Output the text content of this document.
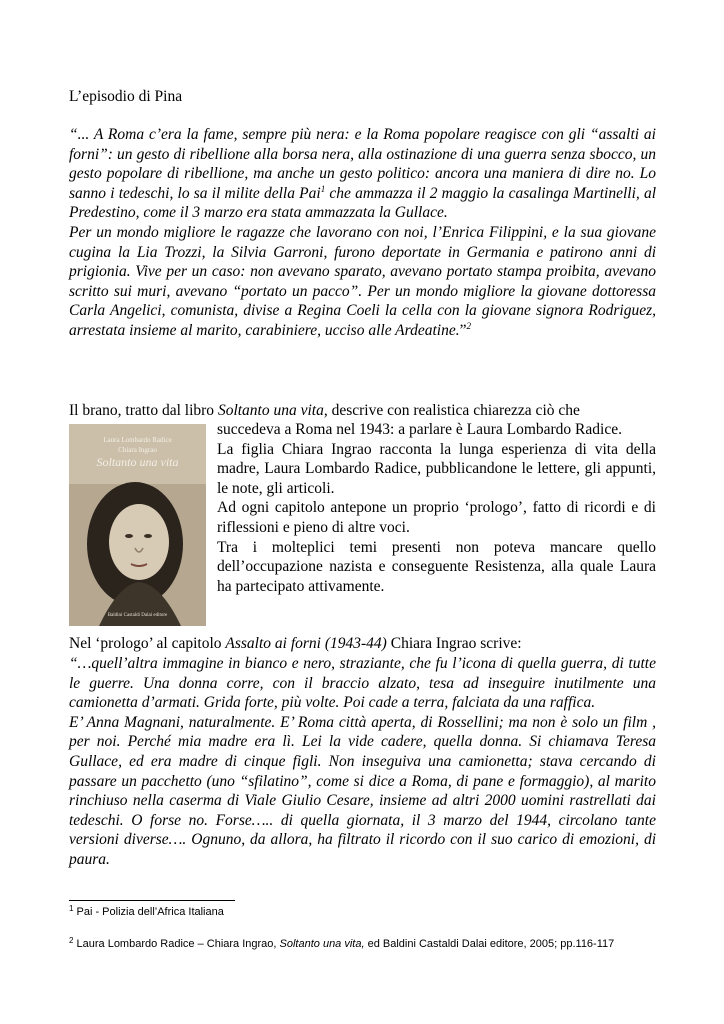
L’episodio di Pina

“... A Roma c’era la fame, sempre più nera: e la Roma popolare reagisce con gli “assalti ai forni”: un gesto di ribellione alla borsa nera, alla ostinazione di una guerra senza sbocco, un gesto popolare di ribellione, ma anche un gesto politico: ancora una maniera di dire no. Lo sanno i tedeschi, lo sa il milite della Pai$^1$ che ammazza il 2 maggio la casalinga Martinelli, al Predestino, come il 3 marzo era stata ammazzata la Gullace.

Per un mondo migliore le ragazze che lavorano con noi, l’Enrica Filippini, e la sua giovane cugina la Lia Trozzi, la Silvia Garroni, furono deportate in Germania e patirono anni di prigionia. Vive per un caso: non avevano sparato, avevano portato stampa proibita, avevano scritto sui muri, avevano “portato un pacco”. Per un mondo migliore la giovane dottoressa Carla Angelici, comunista, divise a Regina Coeli la cella con la giovane signora Rodriguez, arrestata insieme al marito, carabiniere, ucciso alle Ardeatine.”$^2$

Il brano, tratto dal libro Soltanto una vita, descrive con realistica chiarezza ciò che
Laura Lombardo Radice
Chiara Ingrao
Soltanto una vita
Baldini Castaldi Dalai editore

succedeva a Roma nel 1943: a parlare è Laura Lombardo Radice.

La figlia Chiara Ingrao racconta la lunga esperienza di vita della madre, Laura Lombardo Radice, pubblicandone le lettere, gli appunti, le note, gli articoli.

Ad ogni capitolo antepone un proprio ‘prologo’, fatto di ricordi e di riflessioni e pieno di altre voci.

Tra i molteplici temi presenti non poteva mancare quello dell’occupazione nazista e conseguente Resistenza, alla quale Laura ha partecipato attivamente.

Nel ‘prologo’ al capitolo Assalto ai forni (1943-44) Chiara Ingrao scrive:

“…quell’altra immagine in bianco e nero, straziante, che fu l’icona di quella guerra, di tutte le guerre. Una donna corre, con il braccio alzato, tesa ad inseguire inutilmente una camionetta d’armati. Grida forte, più volte. Poi cade a terra, falciata da una raffica.

E’ Anna Magnani, naturalmente. E’ Roma città aperta, di Rossellini; ma non è solo un film , per noi. Perché mia madre era lì. Lei la vide cadere, quella donna. Si chiamava Teresa Gullace, ed era madre di cinque figli. Non inseguiva una camionetta; stava cercando di passare un pacchetto (uno “sfilatino”, come si dice a Roma, di pane e formaggio), al marito rinchiuso nella caserma di Viale Giulio Cesare, insieme ad altri 2000 uomini rastrellati dai tedeschi. O forse no. Forse….. di quella giornata, il 3 marzo del 1944, circolano tante versioni diverse…. Ognuno, da allora, ha filtrato il ricordo con il suo carico di emozioni, di paura.

$^1$ Pai - Polizia dell’Africa Italiana
$^2$ Laura Lombardo Radice – Chiara Ingrao, Soltanto una vita, ed Baldini Castaldi Dalai editore, 2005; pp.116-117
